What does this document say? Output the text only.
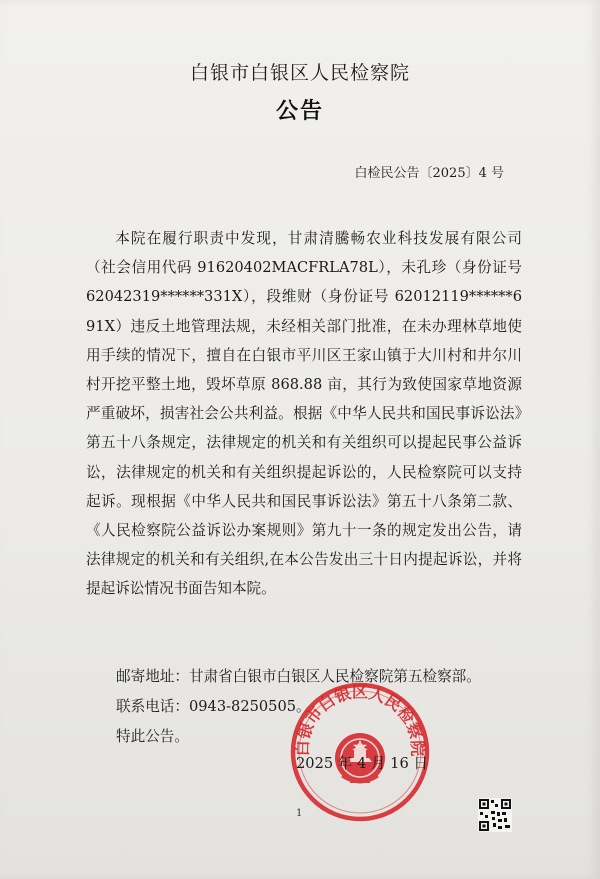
白银市白银区人民检察院
公告
白检民公告〔2025〕4 号

本院在履行职责中发现，甘肃清騰畅农业科技发展有限公司（社会信用代码 91620402MACFRLA78L），未孔珍（身份证号 62042319******331X），段维财（身份证号 62012119******691X）违反土地管理法规，未经相关部门批准，在未办理林草地使用手续的情况下，擅自在白银市平川区王家山镇于大川村和井尔川村开挖平整土地，毁坏草原 868.88 亩，其行为致使国家草地资源严重破坏，损害社会公共利益。根据《中华人民共和国民事诉讼法》第五十八条规定，法律规定的机关和有关组织可以提起民事公益诉讼，法律规定的机关和有关组织提起诉讼的，人民检察院可以支持起诉。现根据《中华人民共和国民事诉讼法》第五十八条第二款、《人民检察院公益诉讼办案规则》第九十一条的规定发出公告，请法律规定的机关和有关组织,在本公告发出三十日内提起诉讼，并将提起诉讼情况书面告知本院。

邮寄地址：甘肃省白银市白银区人民检察院第五检察部。
联系电话：0943-8250505。
特此公告。
白银市白银区人民检察院
2025 年 4 月 16 日
1
